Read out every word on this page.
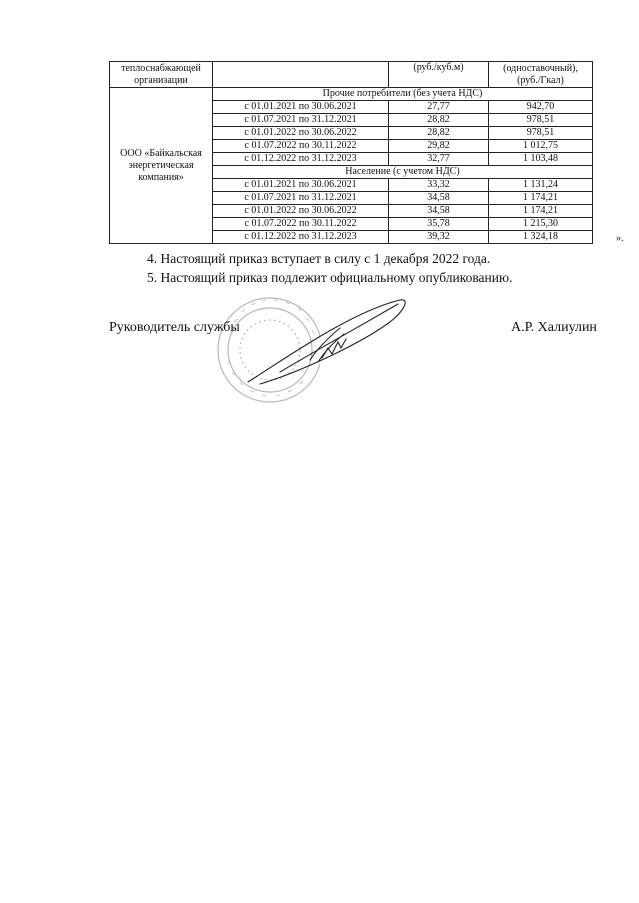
теплоснабжающей организации		(руб./куб.м)	(одноставочный), (руб./Гкал)
ООО «Байкальская энергетическая компания»	Прочие потребители (без учета НДС)		
	с 01.01.2021 по 30.06.2021	27,77	942,70
	с 01.07.2021 по 31.12.2021	28,82	978,51
	с 01.01.2022 по 30.06.2022	28,82	978,51
	с 01.07.2022 по 30.11.2022	29,82	1 012,75
	с 01.12.2022 по 31.12.2023	32,77	1 103,48
	Население (с учетом НДС)		
	с 01.01.2021 по 30.06.2021	33,32	1 131,24
	с 01.07.2021 по 31.12.2021	34,58	1 174,21
	с 01.01.2022 по 30.06.2022	34,58	1 174,21
	с 01.07.2022 по 30.11.2022	35,78	1 215,30
	с 01.12.2022 по 31.12.2023	39,32	1 324,18	».
4. Настоящий приказ вступает в силу с 1 декабря 2022 года.
5. Настоящий приказ подлежит официальному опубликованию.
Руководитель службы	А.Р. Халиулин
